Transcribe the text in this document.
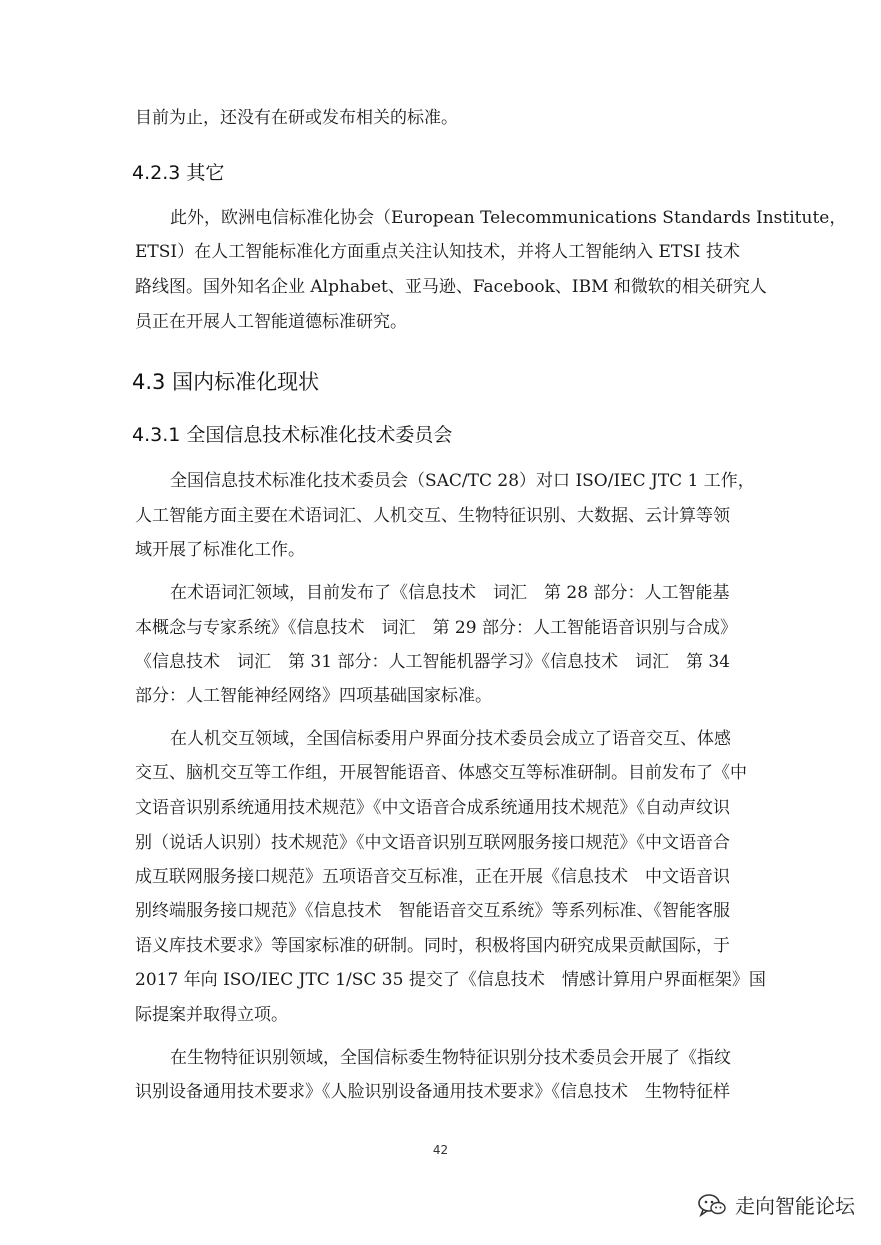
目前为止，还没有在研或发布相关的标准。
4.2.3 其它
此外，欧洲电信标准化协会（European Telecommunications Standards Institute，
ETSI）在人工智能标准化方面重点关注认知技术，并将人工智能纳入 ETSI 技术
路线图。国外知名企业 Alphabet、亚马逊、Facebook、IBM 和微软的相关研究人
员正在开展人工智能道德标准研究。
4.3 国内标准化现状
4.3.1 全国信息技术标准化技术委员会
全国信息技术标准化技术委员会（SAC/TC 28）对口 ISO/IEC JTC 1 工作，
人工智能方面主要在术语词汇、人机交互、生物特征识别、大数据、云计算等领
域开展了标准化工作。
在术语词汇领域，目前发布了《信息技术　词汇　第 28 部分：人工智能基
本概念与专家系统》《信息技术　词汇　第 29 部分：人工智能语音识别与合成》
《信息技术　词汇　第 31 部分：人工智能机器学习》《信息技术　词汇　第 34
部分：人工智能神经网络》四项基础国家标准。
在人机交互领域，全国信标委用户界面分技术委员会成立了语音交互、体感
交互、脑机交互等工作组，开展智能语音、体感交互等标准研制。目前发布了《中
文语音识别系统通用技术规范》《中文语音合成系统通用技术规范》《自动声纹识
别（说话人识别）技术规范》《中文语音识别互联网服务接口规范》《中文语音合
成互联网服务接口规范》五项语音交互标准，正在开展《信息技术　中文语音识
别终端服务接口规范》《信息技术　智能语音交互系统》等系列标准、《智能客服
语义库技术要求》等国家标准的研制。同时，积极将国内研究成果贡献国际，于
2017 年向 ISO/IEC JTC 1/SC 35 提交了《信息技术　情感计算用户界面框架》国
际提案并取得立项。
在生物特征识别领域，全国信标委生物特征识别分技术委员会开展了《指纹
识别设备通用技术要求》《人脸识别设备通用技术要求》《信息技术　生物特征样
42
走向智能论坛
